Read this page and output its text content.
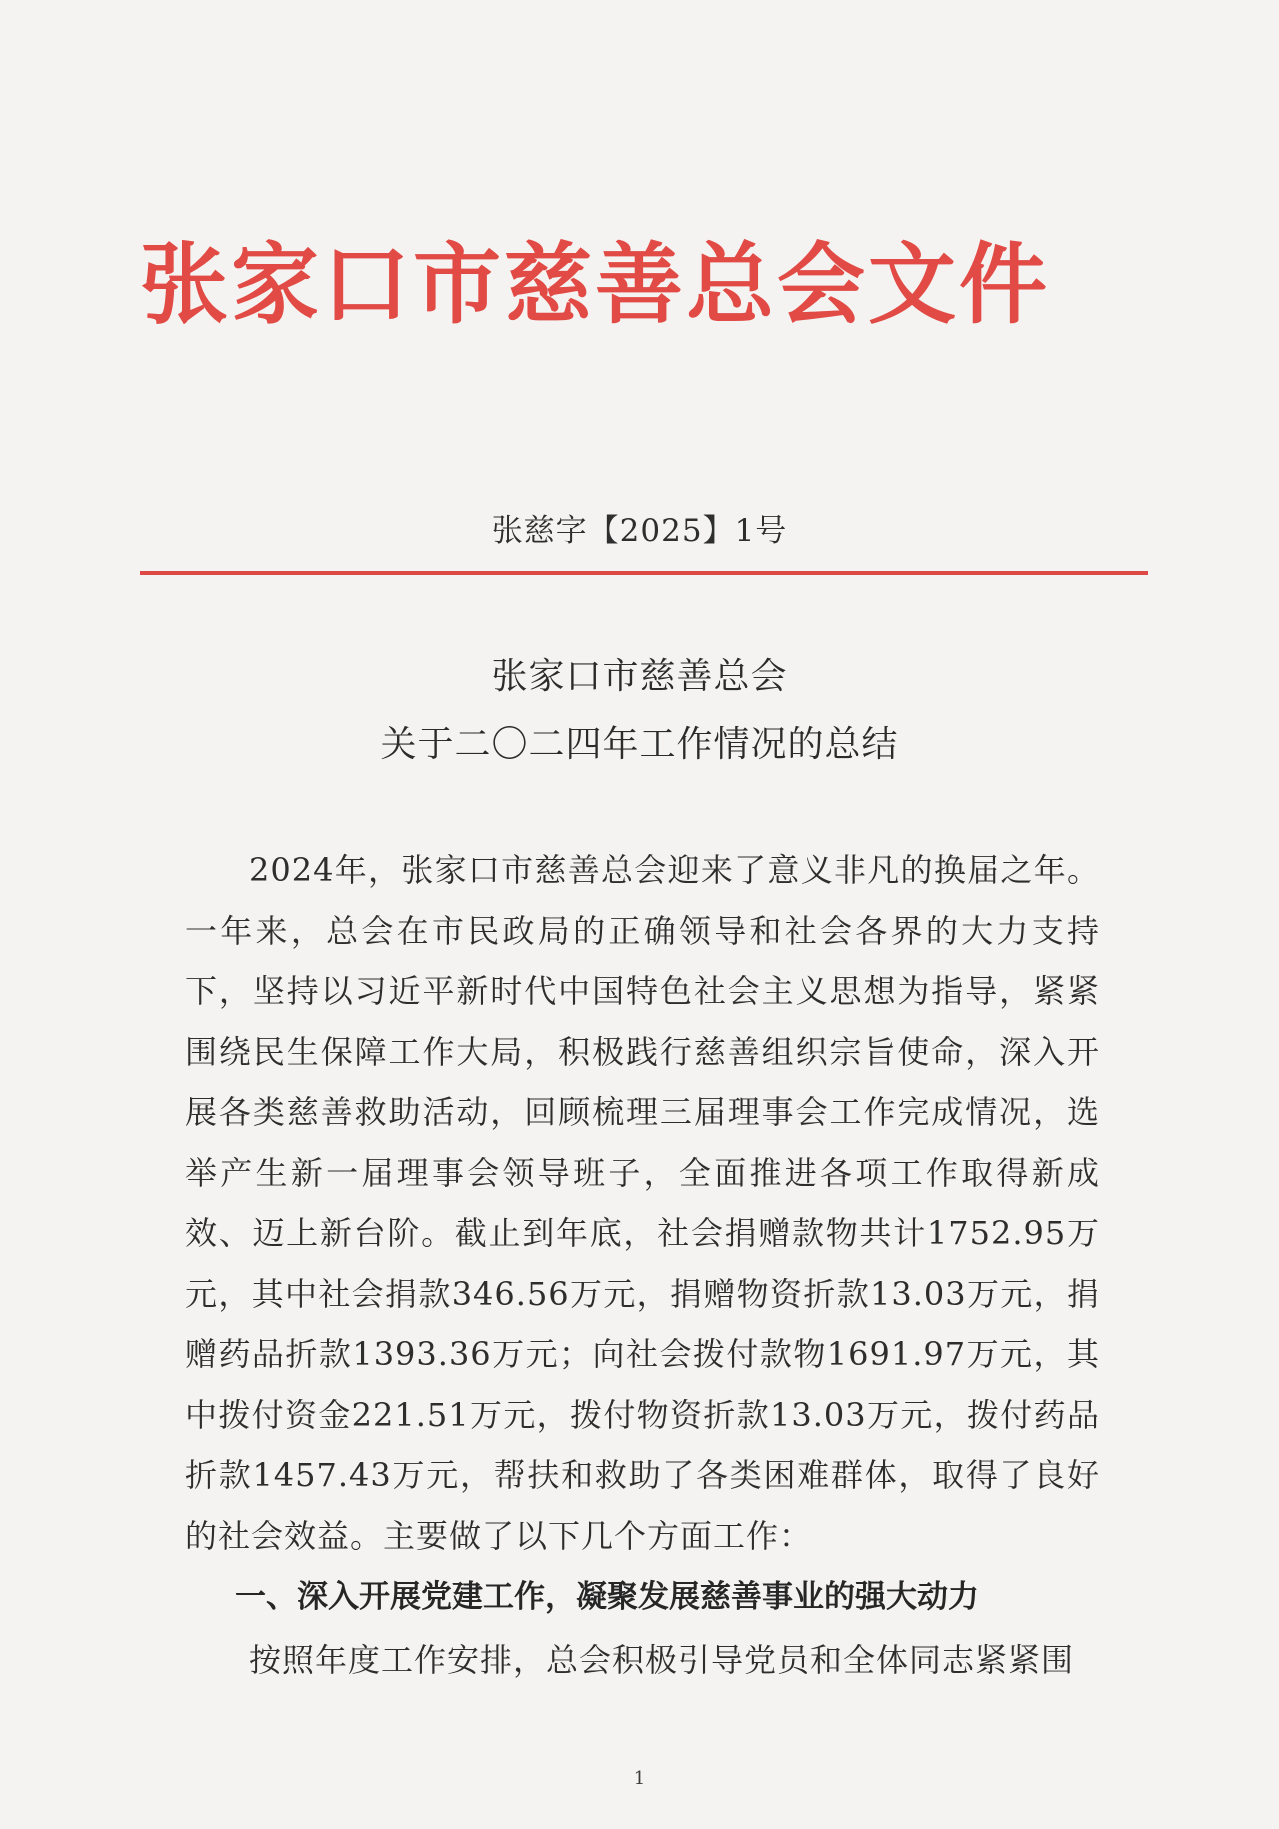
张家口市慈善总会文件
张慈字【2025】1号
张家口市慈善总会
关于二〇二四年工作情况的总结
2024年，张家口市慈善总会迎来了意义非凡的换届之年。一年来，总会在市民政局的正确领导和社会各界的大力支持下，坚持以习近平新时代中国特色社会主义思想为指导，紧紧围绕民生保障工作大局，积极践行慈善组织宗旨使命，深入开展各类慈善救助活动，回顾梳理三届理事会工作完成情况，选举产生新一届理事会领导班子，全面推进各项工作取得新成效、迈上新台阶。截止到年底，社会捐赠款物共计1752.95万元，其中社会捐款346.56万元，捐赠物资折款13.03万元，捐赠药品折款1393.36万元；向社会拨付款物1691.97万元，其中拨付资金221.51万元，拨付物资折款13.03万元，拨付药品折款1457.43万元，帮扶和救助了各类困难群体，取得了良好的社会效益。主要做了以下几个方面工作：
一、深入开展党建工作，凝聚发展慈善事业的强大动力
按照年度工作安排，总会积极引导党员和全体同志紧紧围
1
